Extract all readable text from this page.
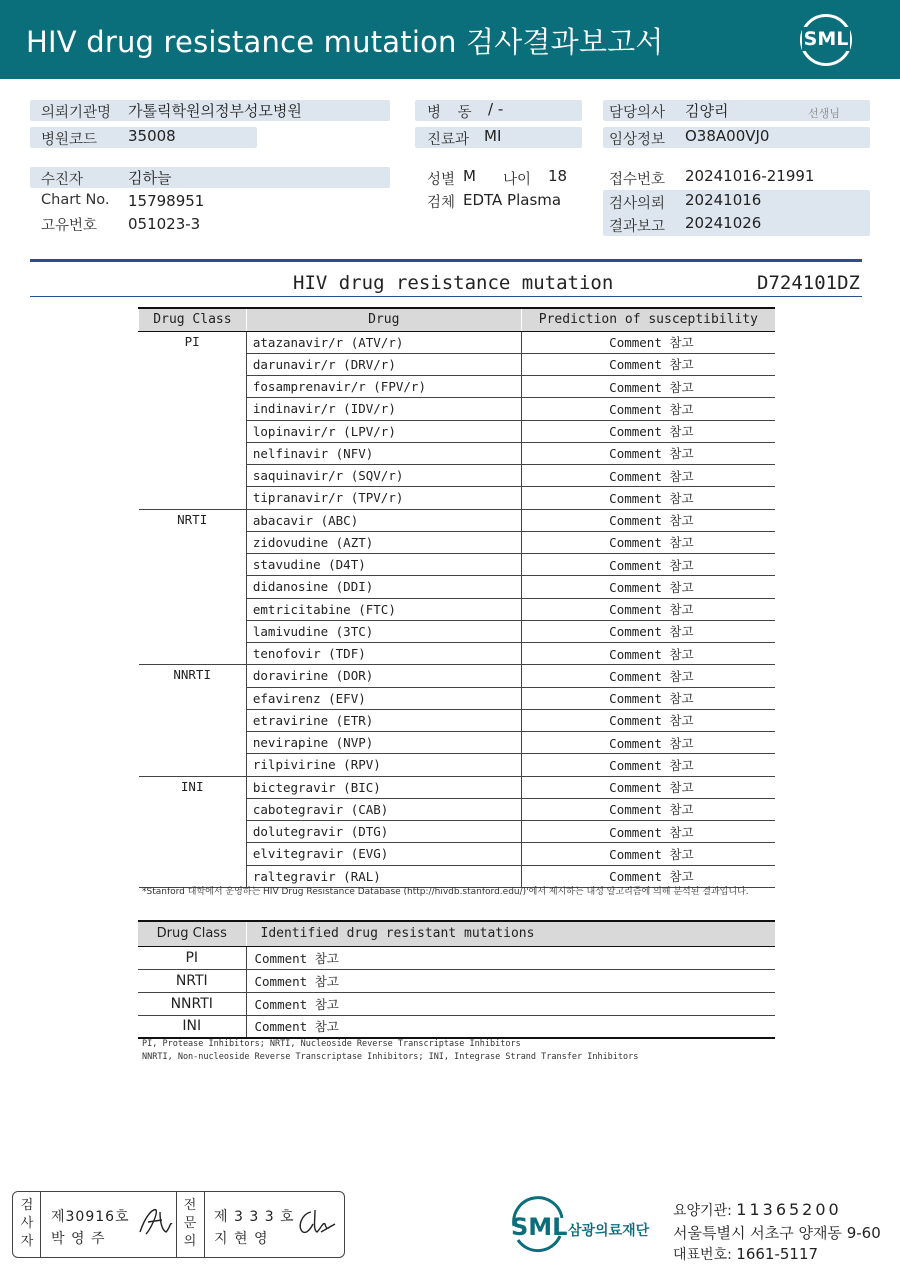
HIV drug resistance mutation 검사결과보고서	SML
의뢰기관명 가톨릭학원의정부성모병원
병원코드 35008
병 동 / -
진료과 MI
담당의사 김양리	선생님
임상정보 O38A00VJ0
수진자	김하늘
Chart No. 15798951
고유번호 051023-3
성별 M 나이 18
검체 EDTA Plasma
접수번호 20241016-21991
검사의뢰 20241016
결과보고 20241026
HIV drug resistance mutation	D724101DZ
Drug Class	Drug	Prediction of susceptibility
PI	atazanavir/r (ATV/r)	Comment 참고
	darunavir/r (DRV/r)	Comment 참고
	fosamprenavir/r (FPV/r)	Comment 참고
	indinavir/r (IDV/r)	Comment 참고
	lopinavir/r (LPV/r)	Comment 참고
	nelfinavir (NFV)	Comment 참고
	saquinavir/r (SQV/r)	Comment 참고
	tipranavir/r (TPV/r)	Comment 참고
NRTI	abacavir (ABC)	Comment 참고
	zidovudine (AZT)	Comment 참고
	stavudine (D4T)	Comment 참고
	didanosine (DDI)	Comment 참고
	emtricitabine (FTC)	Comment 참고
	lamivudine (3TC)	Comment 참고
	tenofovir (TDF)	Comment 참고
NNRTI	doravirine (DOR)	Comment 참고
	efavirenz (EFV)	Comment 참고
	etravirine (ETR)	Comment 참고
	nevirapine (NVP)	Comment 참고
	rilpivirine (RPV)	Comment 참고
INI	bictegravir (BIC)	Comment 참고
	cabotegravir (CAB)	Comment 참고
	dolutegravir (DTG)	Comment 참고
	elvitegravir (EVG)	Comment 참고
	raltegravir (RAL)	Comment 참고
*Stanford 대학에서 운영하는 HIV Drug Resistance Database (http://hivdb.stanford.edu/)'에서 제시하는 내성 알고리즘에 의해 분석된 결과입니다.
Drug Class	Identified drug resistant mutations
PI	Comment 참고
NRTI	Comment 참고
NNRTI	Comment 참고
INI	Comment 참고
PI, Protease Inhibitors; NRTI, Nucleoside Reverse Transcriptase Inhibitors
NNRTI, Non-nucleoside Reverse Transcriptase Inhibitors; INI, Integrase Strand Transfer Inhibitors
검
사
자
제30916호
박 영 주
전
문
의
제 3 3 3 호
지 현 영	SML 삼광의료재단
요양기관: 11365200
서울특별시 서초구 양재동 9-60
대표번호: 1661-5117
